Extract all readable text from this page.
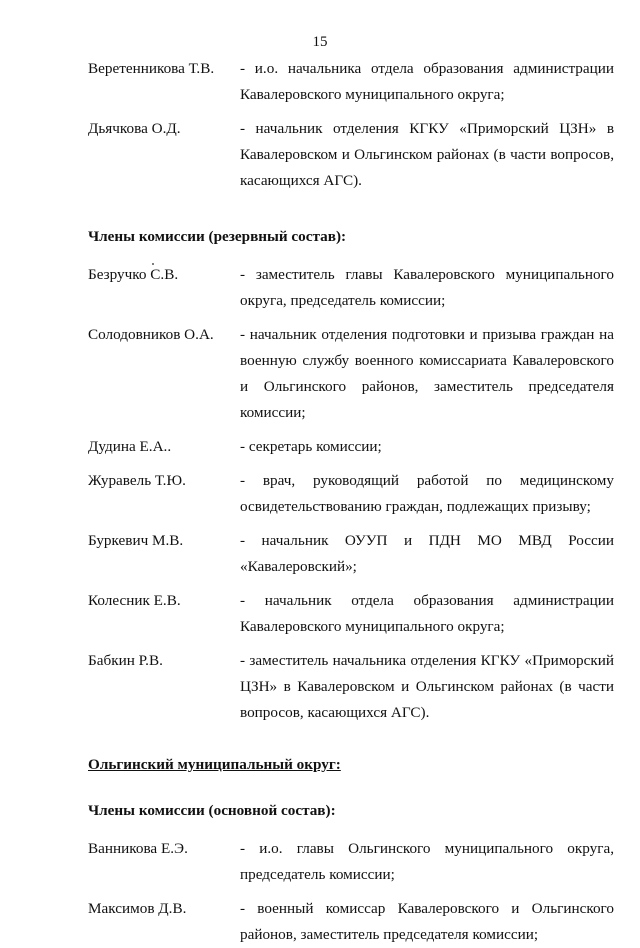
15
Веретенникова Т.В.	- и.о. начальника отдела образования администрации Кавалеровского муниципального округа;
Дьячкова О.Д.	- начальник отделения КГКУ «Приморский ЦЗН» в Кавалеровском и Ольгинском районах (в части вопросов, касающихся АГС).
Члены комиссии (резервный состав):
Безручко С.В.	- заместитель главы Кавалеровского муниципального округа, председатель комиссии;
Солодовников О.А.	- начальник отделения подготовки и призыва граждан на военную службу военного комиссариата Кавалеровского и Ольгинского районов, заместитель председателя комиссии;
Дудина Е.А..	- секретарь комиссии;
Журавель Т.Ю.	- врач, руководящий работой по медицинскому освидетельствованию граждан, подлежащих призыву;
Буркевич М.В.	- начальник ОУУП и ПДН МО МВД России «Кавалеровский»;
Колесник Е.В.	- начальник отдела образования администрации Кавалеровского муниципального округа;
Бабкин Р.В.	- заместитель начальника отделения КГКУ «Приморский ЦЗН» в Кавалеровском и Ольгинском районах (в части вопросов, касающихся АГС).
Ольгинский муниципальный округ:
Члены комиссии (основной состав):
Ванникова Е.Э.	- и.о. главы Ольгинского муниципального округа, председатель комиссии;
Максимов Д.В.	- военный комиссар Кавалеровского и Ольгинского районов, заместитель председателя комиссии;
